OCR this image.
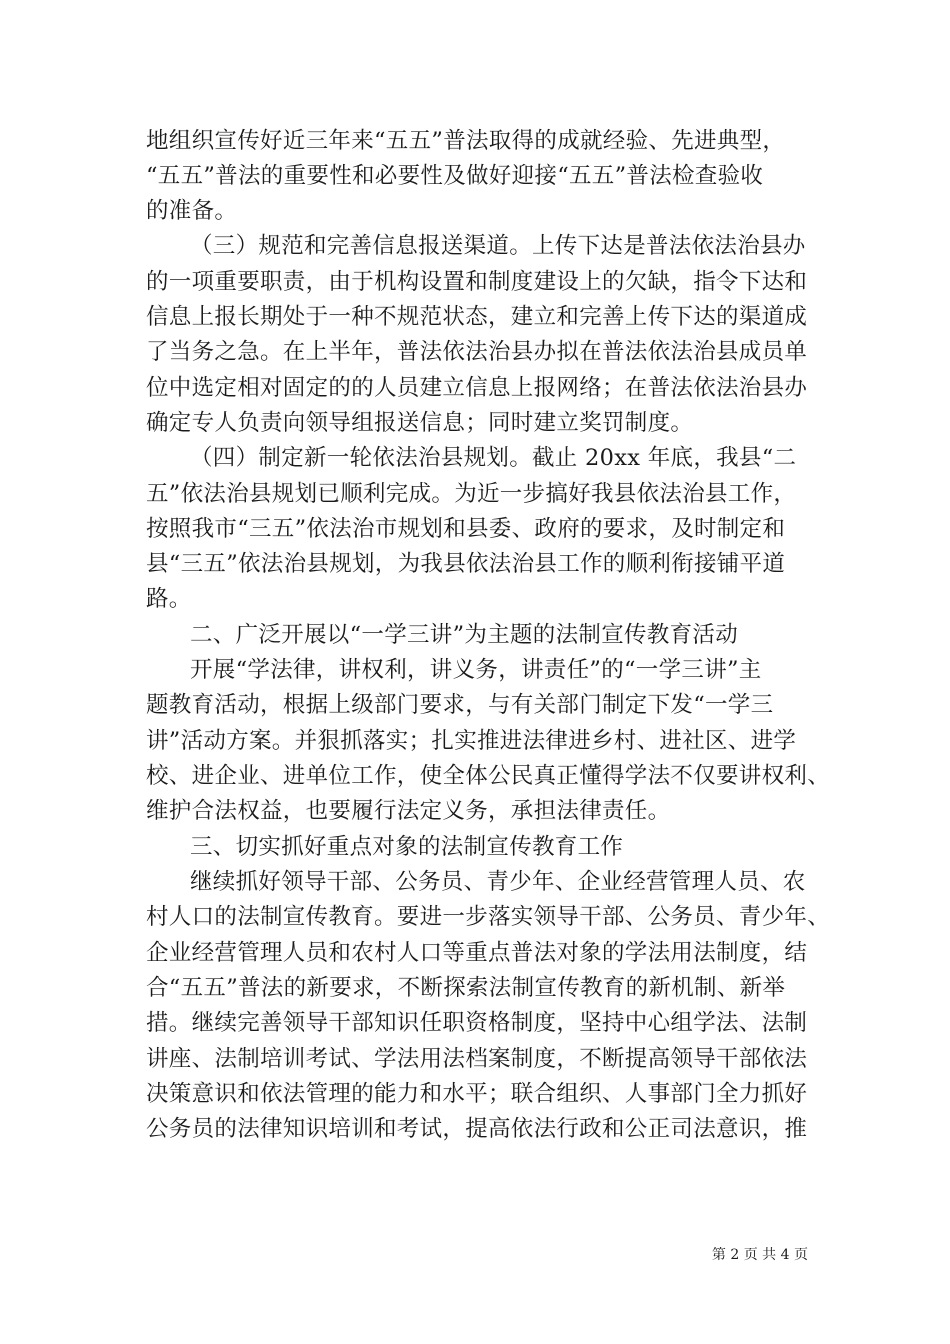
地组织宣传好近三年来“五五”普法取得的成就经验、先进典型，
“五五”普法的重要性和必要性及做好迎接“五五”普法检查验收
的准备。
（三）规范和完善信息报送渠道。上传下达是普法依法治县办
的一项重要职责，由于机构设置和制度建设上的欠缺，指令下达和
信息上报长期处于一种不规范状态，建立和完善上传下达的渠道成
了当务之急。在上半年，普法依法治县办拟在普法依法治县成员单
位中选定相对固定的的人员建立信息上报网络；在普法依法治县办
确定专人负责向领导组报送信息；同时建立奖罚制度。
（四）制定新一轮依法治县规划。截止 20xx 年底，我县“二
五”依法治县规划已顺利完成。为近一步搞好我县依法治县工作，
按照我市“三五”依法治市规划和县委、政府的要求，及时制定和
县“三五”依法治县规划，为我县依法治县工作的顺利衔接铺平道
路。
二、广泛开展以“一学三讲”为主题的法制宣传教育活动
开展“学法律，讲权利，讲义务，讲责任”的“一学三讲”主
题教育活动，根据上级部门要求，与有关部门制定下发“一学三
讲”活动方案。并狠抓落实；扎实推进法律进乡村、进社区、进学
校、进企业、进单位工作，使全体公民真正懂得学法不仅要讲权利、
维护合法权益，也要履行法定义务，承担法律责任。
三、切实抓好重点对象的法制宣传教育工作
继续抓好领导干部、公务员、青少年、企业经营管理人员、农
村人口的法制宣传教育。要进一步落实领导干部、公务员、青少年、
企业经营管理人员和农村人口等重点普法对象的学法用法制度，结
合“五五”普法的新要求，不断探索法制宣传教育的新机制、新举
措。继续完善领导干部知识任职资格制度，坚持中心组学法、法制
讲座、法制培训考试、学法用法档案制度，不断提高领导干部依法
决策意识和依法管理的能力和水平；联合组织、人事部门全力抓好
公务员的法律知识培训和考试，提高依法行政和公正司法意识，推
第 2 页 共 4 页
